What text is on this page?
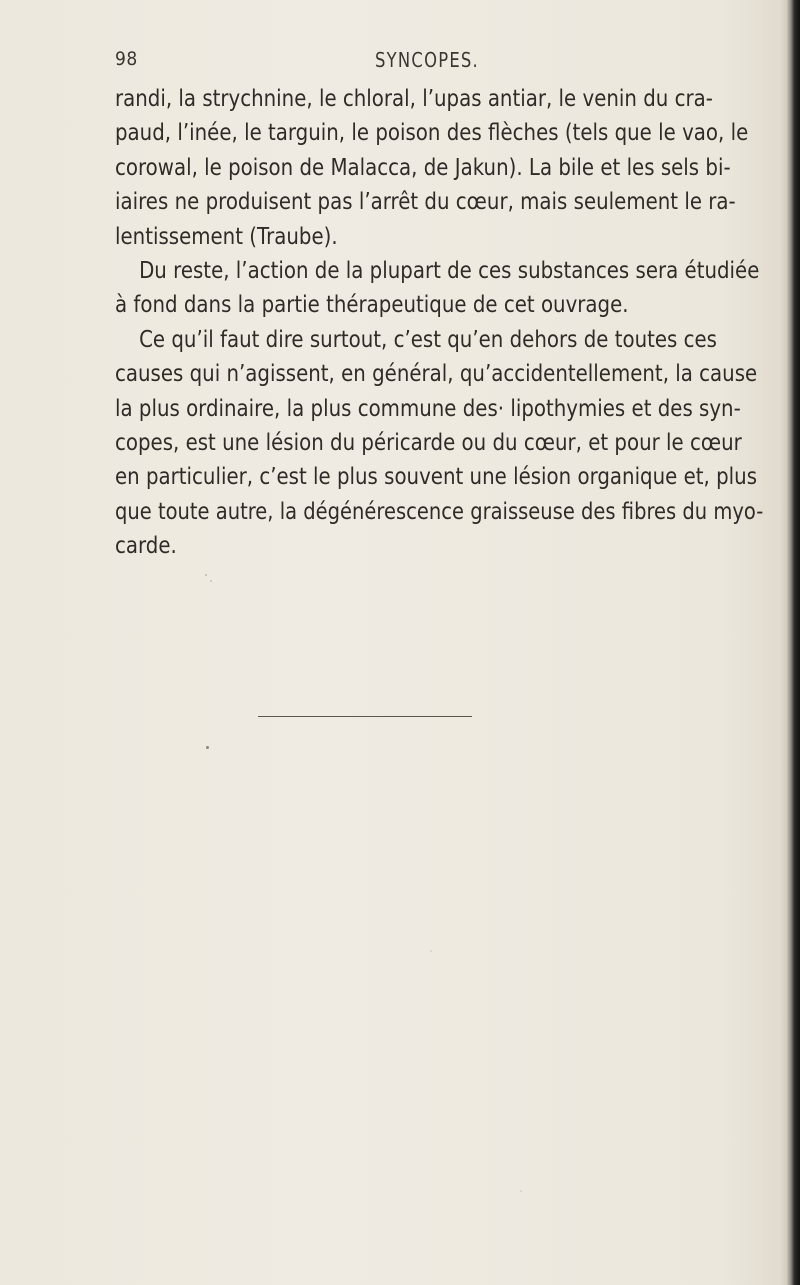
98	SYNCOPES.
randi, la strychnine, le chloral, l’upas antiar, le venin du cra-
paud, l’inée, le targuin, le poison des flèches (tels que le vao, le
corowal, le poison de Malacca, de Jakun). La bile et les sels bi-
iaires ne produisent pas l’arrêt du cœur, mais seulement le ra-
lentissement (Traube).
Du reste, l’action de la plupart de ces substances sera étudiée
à fond dans la partie thérapeutique de cet ouvrage.
Ce qu’il faut dire surtout, c’est qu’en dehors de toutes ces
causes qui n’agissent, en général, qu’accidentellement, la cause
la plus ordinaire, la plus commune des· lipothymies et des syn-
copes, est une lésion du péricarde ou du cœur, et pour le cœur
en particulier, c’est le plus souvent une lésion organique et, plus
que toute autre, la dégénérescence graisseuse des fibres du myo-
carde.
